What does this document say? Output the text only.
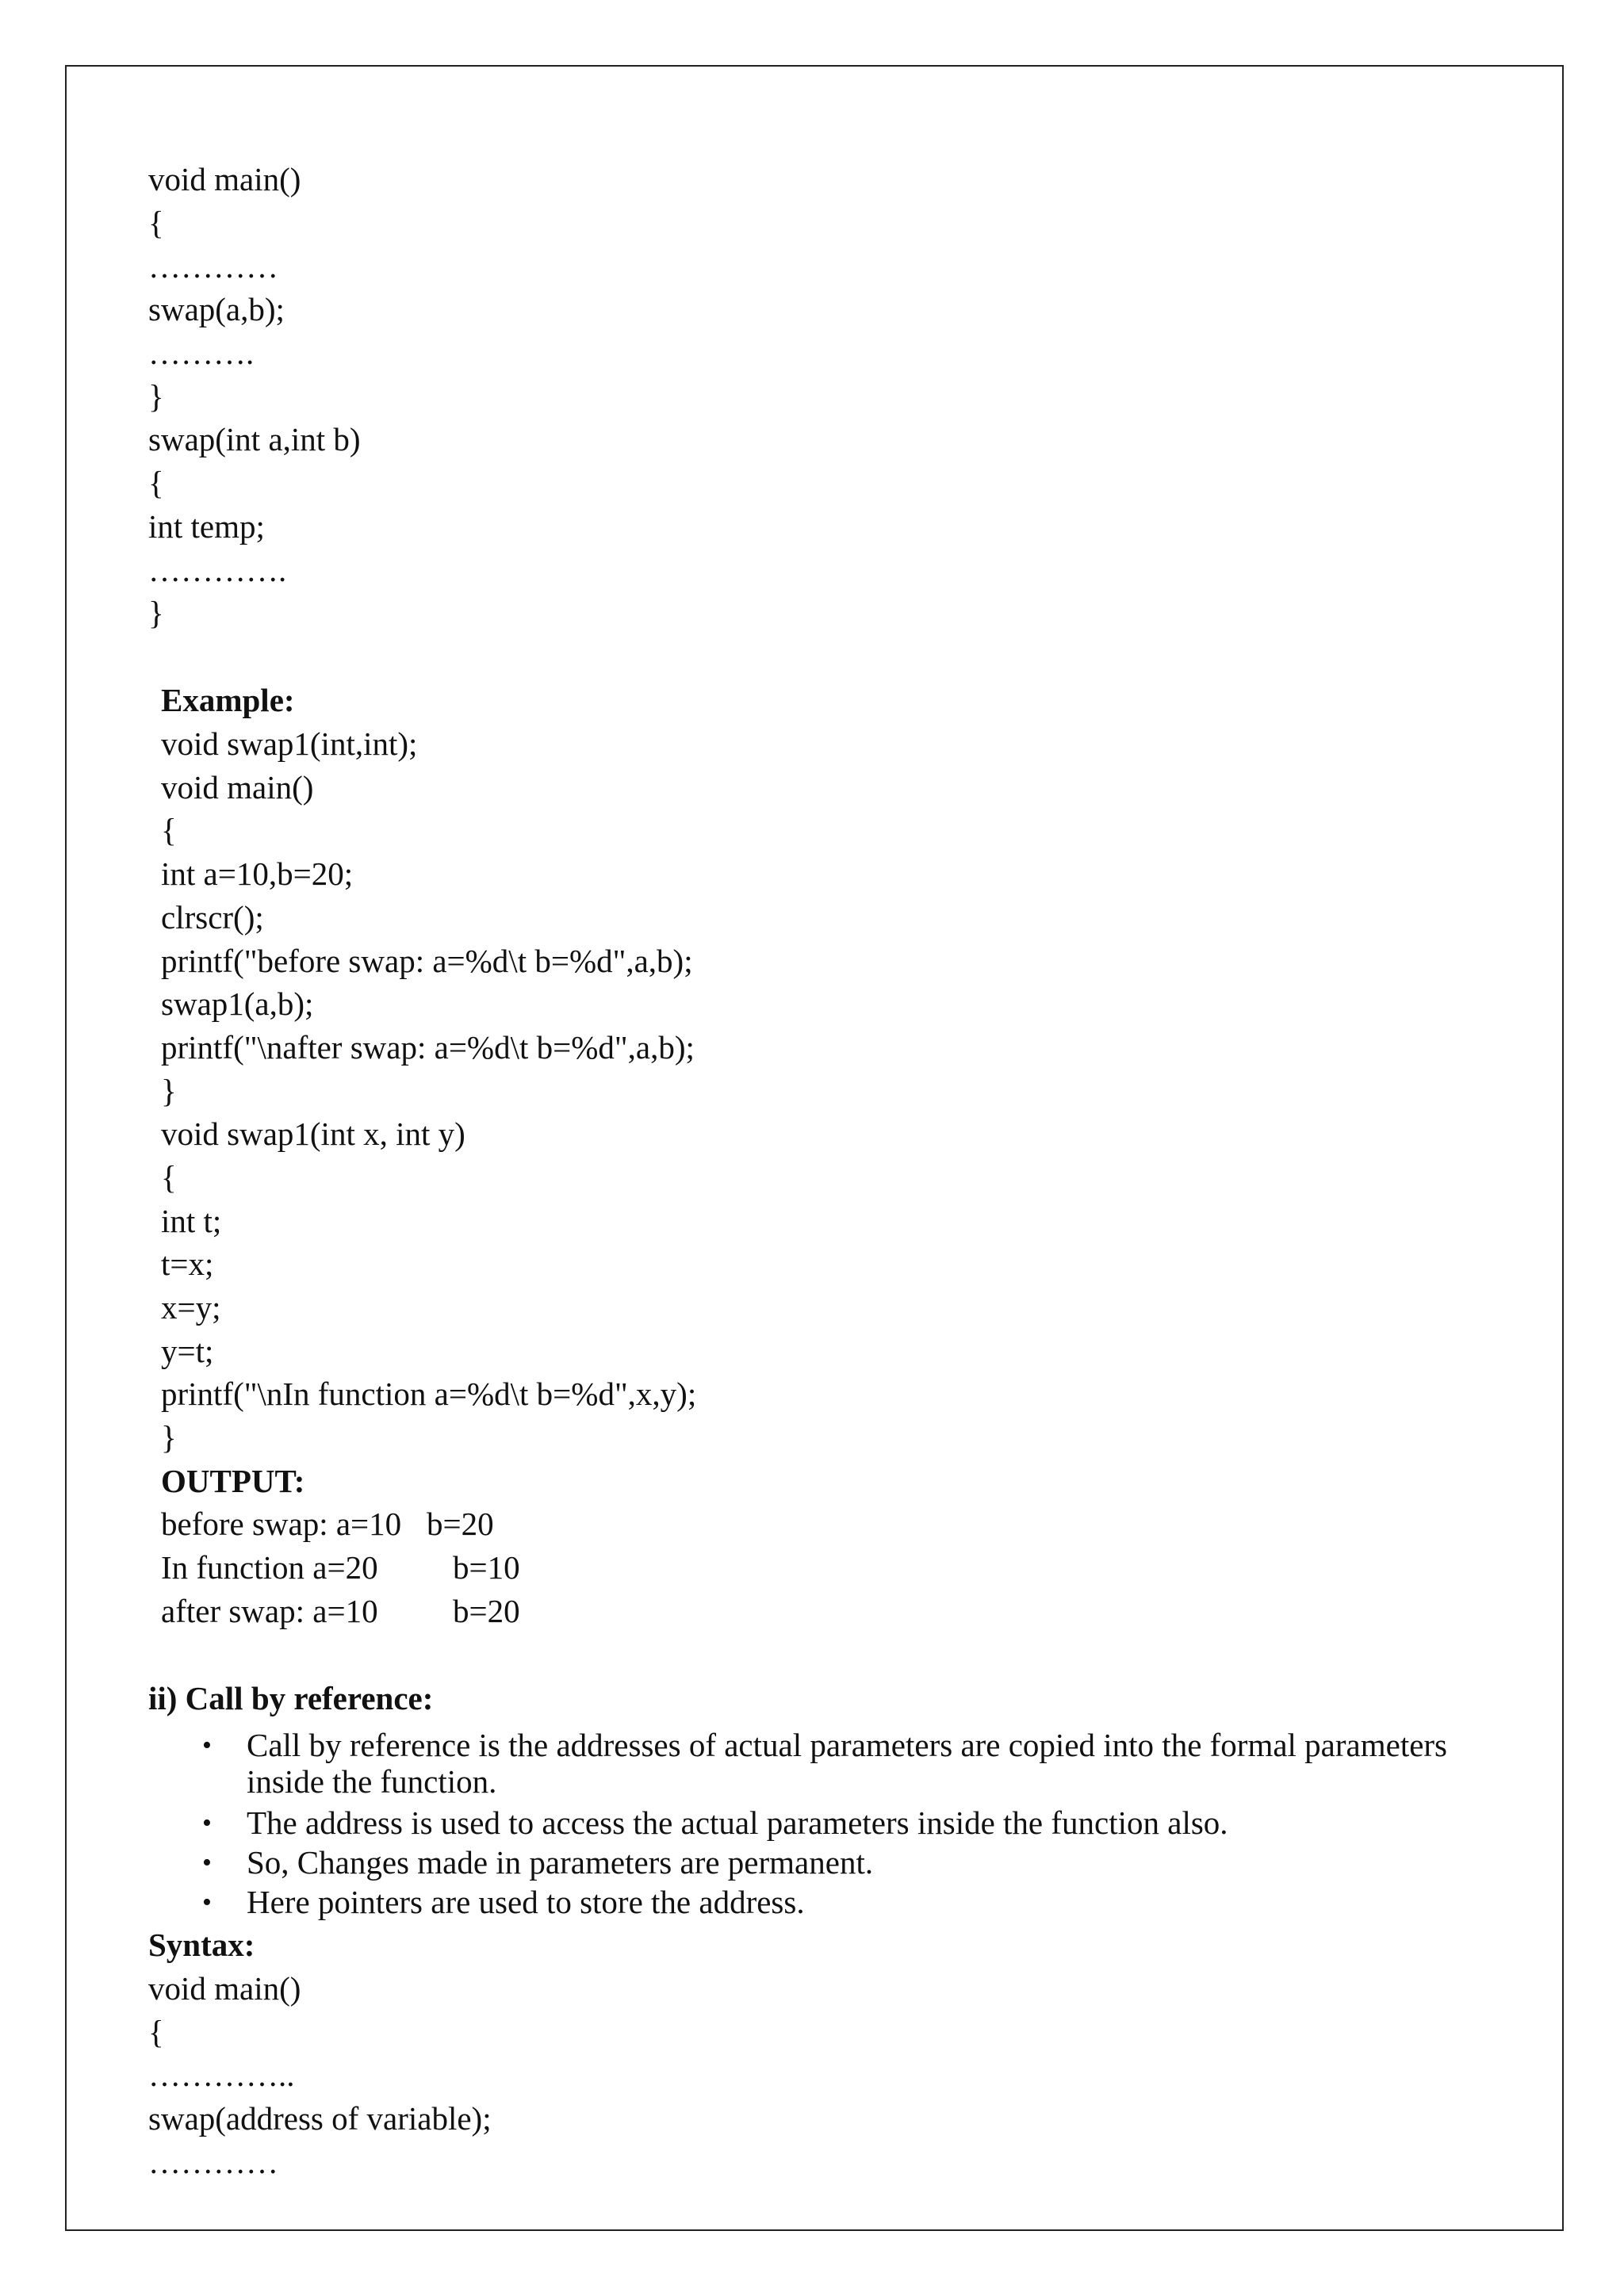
void main()
{
…………
swap(a,b);
……….
}
swap(int a,int b)
{
int temp;
………….
}
Example:
void swap1(int,int);
void main()
{
int a=10,b=20;
clrscr();
printf("before swap: a=%d\t b=%d",a,b);
swap1(a,b);
printf("\nafter swap: a=%d\t b=%d",a,b);
}
void swap1(int x, int y)
{
int t;
t=x;
x=y;
y=t;
printf("\nIn function a=%d\t b=%d",x,y);
}
OUTPUT:
before swap: a=10 b=20
In function a=20 b=10
after swap: a=10 b=20
ii) Call by reference:
• Call by reference is the addresses of actual parameters are copied into the formal parameters inside the function.
• The address is used to access the actual parameters inside the function also.
• So, Changes made in parameters are permanent.
• Here pointers are used to store the address.
Syntax:
void main()
{
…………..
swap(address of variable);
…………
